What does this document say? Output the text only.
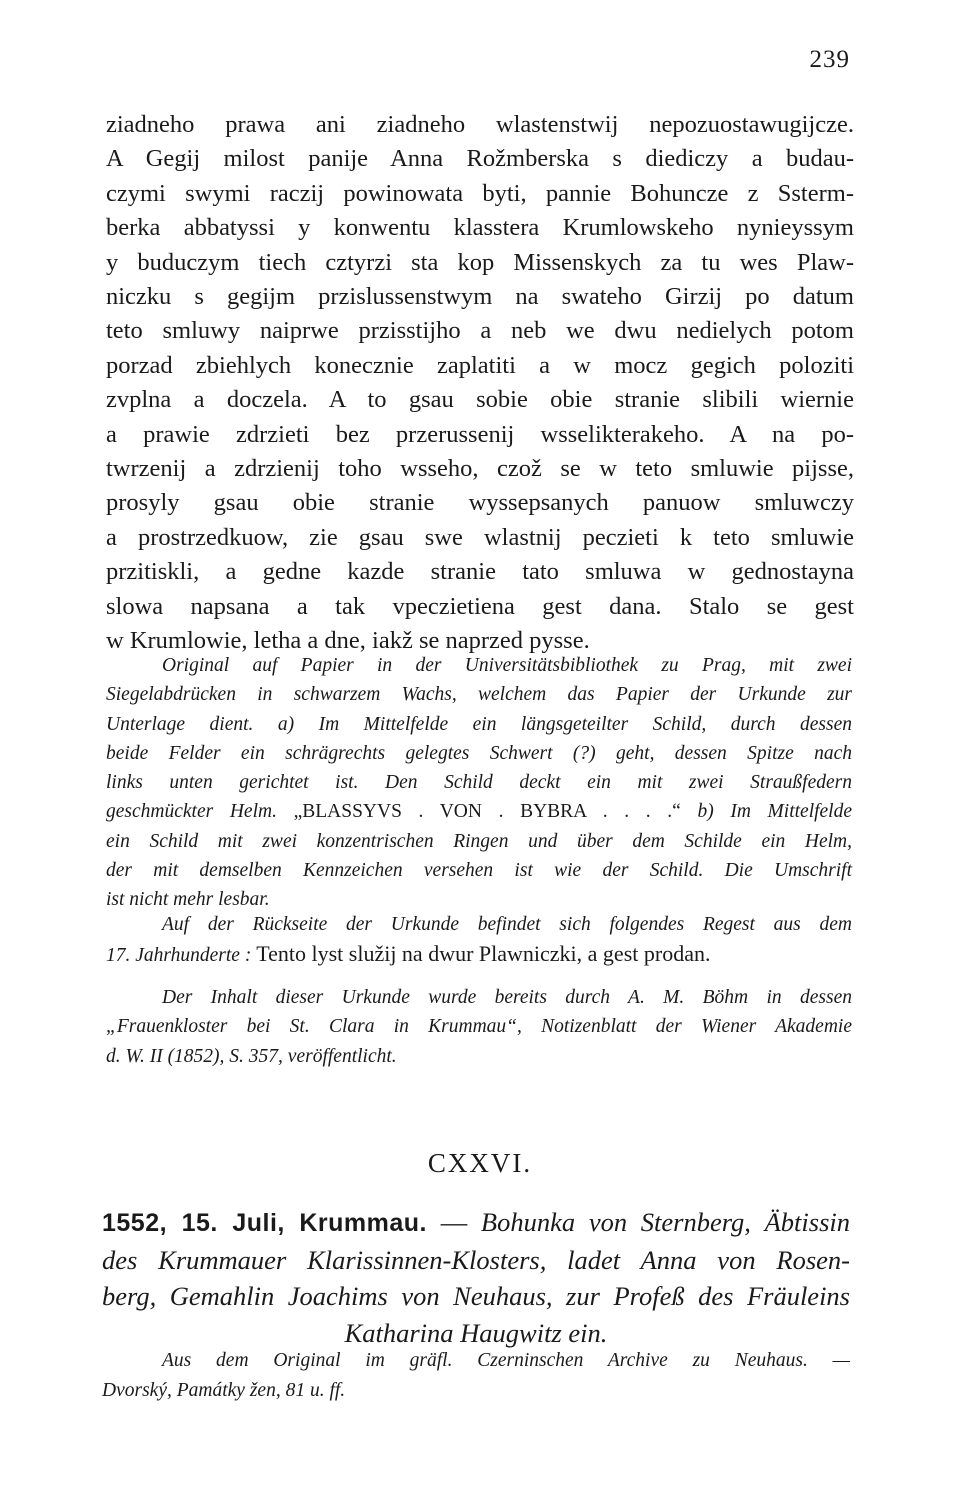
239
ziadneho prawa ani ziadneho wlastenstwij nepozuostawugijcze.
A Gegij milost panije Anna Rožmberska s diediczy a budau-
czymi swymi raczij powinowata byti, pannie Bohuncze z Ssterm-
berka abbatyssi y konwentu klasstera Krumlowskeho nynieyssym
y buduczym tiech cztyrzi sta kop Missenskych za tu wes Plaw-
niczku s gegijm przislussenstwym na swateho Girzij po datum
teto smluwy naiprwe przisstijho a neb we dwu nedielych potom
porzad zbiehlych konecznie zaplatiti a w mocz gegich poloziti
zvplna a doczela. A to gsau sobie obie stranie slibili wiernie
a prawie zdrzieti bez przerussenij wsselikterakeho. A na po-
twrzenij a zdrzienij toho wsseho, czož se w teto smluwie pijsse,
prosyly gsau obie stranie wyssepsanych panuow smluwczy
a prostrzedkuow, zie gsau swe wlastnij peczieti k teto smluwie
przitiskli, a gedne kazde stranie tato smluwa w gednostayna
slowa napsana a tak vpeczietiena gest dana. Stalo se gest
w Krumlowie, letha a dne, iakž se naprzed pysse.
Original auf Papier in der Universitätsbibliothek zu Prag, mit zwei
Siegelabdrücken in schwarzem Wachs, welchem das Papier der Urkunde zur
Unterlage dient. a) Im Mittelfelde ein längsgeteilter Schild, durch dessen
beide Felder ein schrägrechts gelegtes Schwert (?) geht, dessen Spitze nach
links unten gerichtet ist. Den Schild deckt ein mit zwei Straußfedern
geschmückter Helm. „BLASSYVS . VON . BYBRA . . . .“ b) Im Mittelfelde
ein Schild mit zwei konzentrischen Ringen und über dem Schilde ein Helm,
der mit demselben Kennzeichen versehen ist wie der Schild. Die Umschrift
ist nicht mehr lesbar.
Auf der Rückseite der Urkunde befindet sich folgendes Regest aus dem
17. Jahrhunderte : Tento lyst služij na dwur Plawniczki, a gest prodan.
Der Inhalt dieser Urkunde wurde bereits durch A. M. Böhm in dessen
„Frauenkloster bei St. Clara in Krummau“, Notizenblatt der Wiener Akademie
d. W. II (1852), S. 357, veröffentlicht.
CXXVI.
1552, 15. Juli, Krummau. — Bohunka von Sternberg, Äbtissin
des Krummauer Klarissinnen-Klosters, ladet Anna von Rosen-
berg, Gemahlin Joachims von Neuhaus, zur Profeß des Fräuleins
Katharina Haugwitz ein.
Aus dem Original im gräfl. Czerninschen Archive zu Neuhaus. —
Dvorský, Památky žen, 81 u. ff.
